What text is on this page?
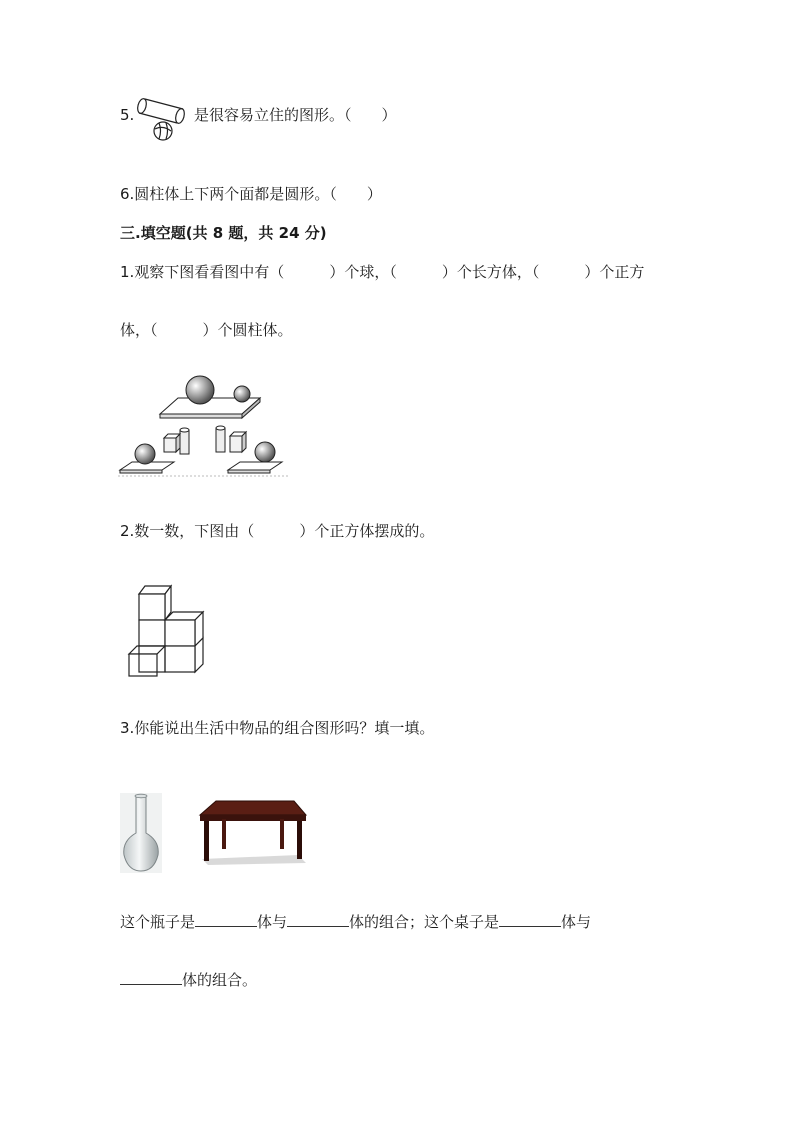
5.	是很容易立住的图形。（　　）
6.圆柱体上下两个面都是圆形。（　　）
三.填空题(共 8 题，共 24 分)
1.观察下图看看图中有（　　　）个球，（　　　）个长方体，（　　　）个正方
体，（　　　）个圆柱体。
2.数一数，下图由（　　　）个正方体摆成的。
3.你能说出生活中物品的组合图形吗？填一填。
这个瓶子是	体与	体的组合；这个桌子是	体与
体的组合。
